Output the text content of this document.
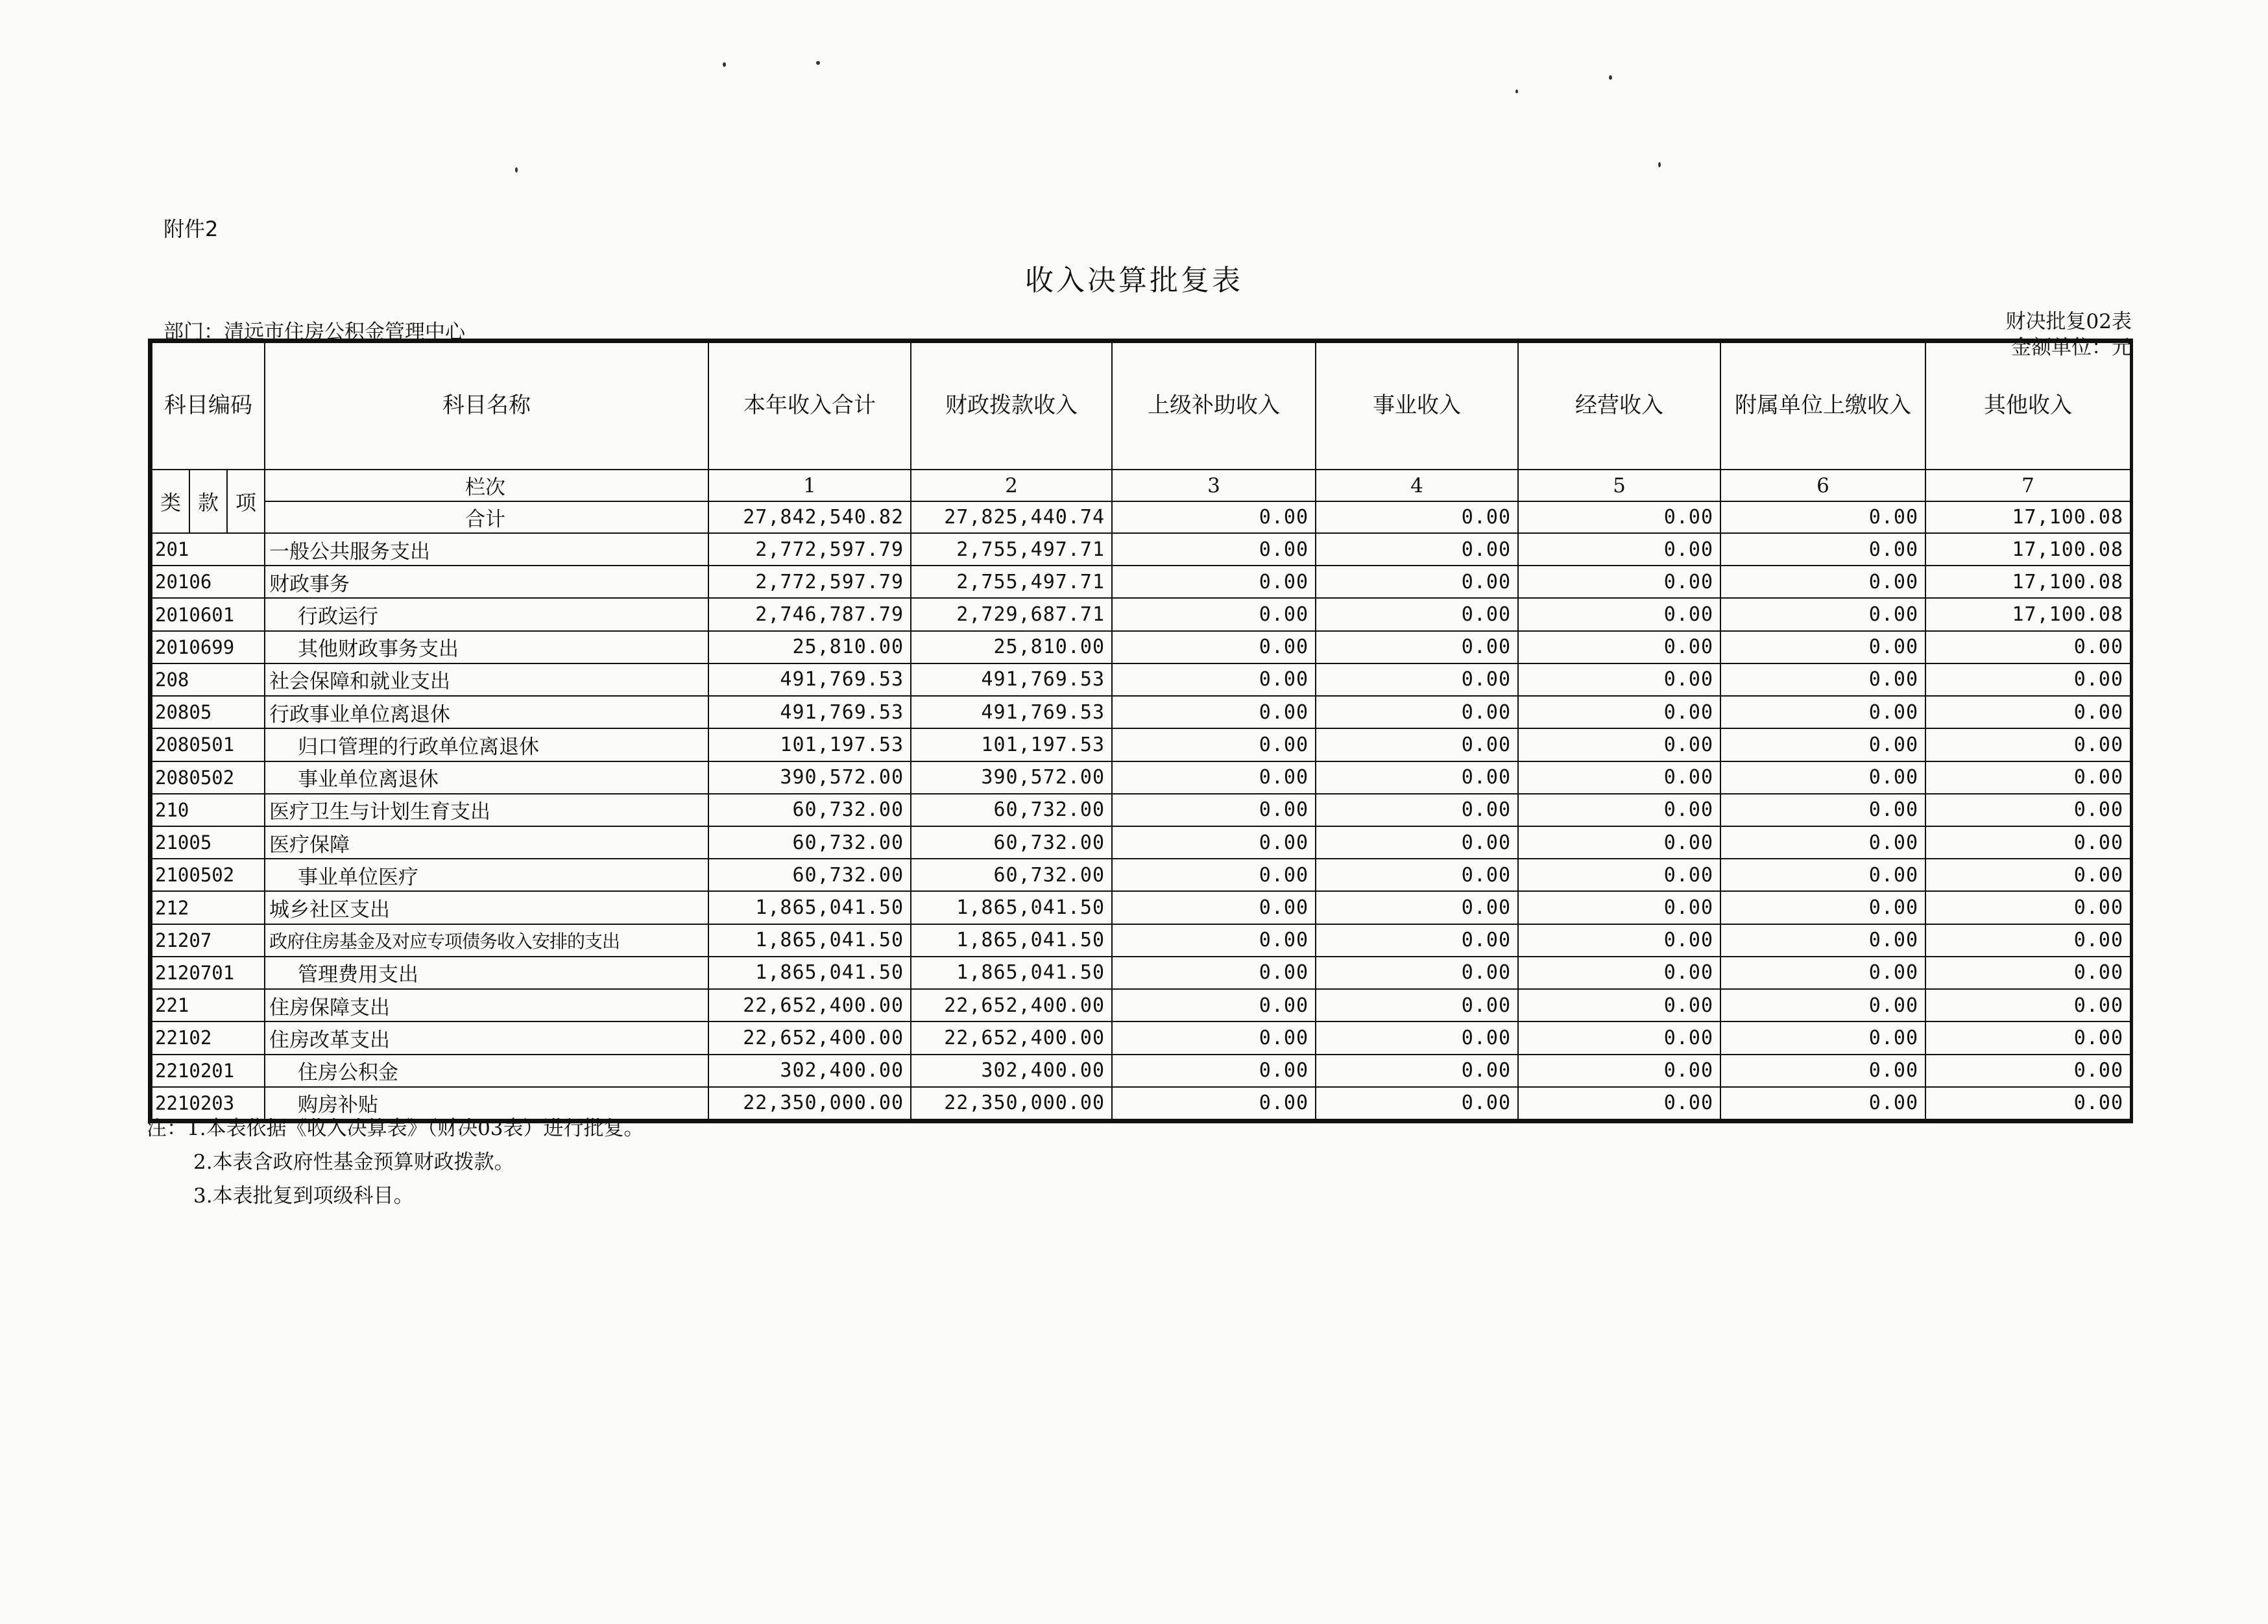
附件2
收入决算批复表
部门：清远市住房公积金管理中心	财决批复02表
金额单位：元
科目编码			科目名称	本年收入合计	财政拨款收入	上级补助收入	事业收入	经营收入	附属单位上缴收入	其他收入
类	款	项	栏次	1	2	3	4	5	6	7
			合计	27,842,540.82	27,825,440.74	0.00	0.00	0.00	0.00	17,100.08
201			一般公共服务支出	2,772,597.79	2,755,497.71	0.00	0.00	0.00	0.00	17,100.08
20106			财政事务	2,772,597.79	2,755,497.71	0.00	0.00	0.00	0.00	17,100.08
2010601			行政运行	2,746,787.79	2,729,687.71	0.00	0.00	0.00	0.00	17,100.08
2010699			其他财政事务支出	25,810.00	25,810.00	0.00	0.00	0.00	0.00	0.00
208			社会保障和就业支出	491,769.53	491,769.53	0.00	0.00	0.00	0.00	0.00
20805			行政事业单位离退休	491,769.53	491,769.53	0.00	0.00	0.00	0.00	0.00
2080501			归口管理的行政单位离退休	101,197.53	101,197.53	0.00	0.00	0.00	0.00	0.00
2080502			事业单位离退休	390,572.00	390,572.00	0.00	0.00	0.00	0.00	0.00
210			医疗卫生与计划生育支出	60,732.00	60,732.00	0.00	0.00	0.00	0.00	0.00
21005			医疗保障	60,732.00	60,732.00	0.00	0.00	0.00	0.00	0.00
2100502			事业单位医疗	60,732.00	60,732.00	0.00	0.00	0.00	0.00	0.00
212			城乡社区支出	1,865,041.50	1,865,041.50	0.00	0.00	0.00	0.00	0.00
21207			政府住房基金及对应专项债务收入安排的支出	1,865,041.50	1,865,041.50	0.00	0.00	0.00	0.00	0.00
2120701			管理费用支出	1,865,041.50	1,865,041.50	0.00	0.00	0.00	0.00	0.00
221			住房保障支出	22,652,400.00	22,652,400.00	0.00	0.00	0.00	0.00	0.00
22102			住房改革支出	22,652,400.00	22,652,400.00	0.00	0.00	0.00	0.00	0.00
2210201			住房公积金	302,400.00	302,400.00	0.00	0.00	0.00	0.00	0.00
2210203			购房补贴	22,350,000.00	22,350,000.00	0.00	0.00	0.00	0.00	0.00
注：1.本表依据《收入决算表》（财决03表）进行批复。
2.本表含政府性基金预算财政拨款。
3.本表批复到项级科目。
